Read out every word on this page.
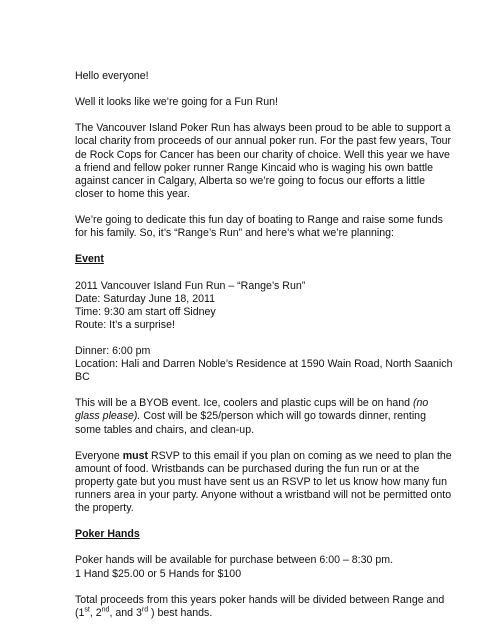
Hello everyone!

Well it looks like we’re going for a Fun Run!

The Vancouver Island Poker Run has always been proud to be able to support a
local charity from proceeds of our annual poker run. For the past few years, Tour
de Rock Cops for Cancer has been our charity of choice. Well this year we have
a friend and fellow poker runner Range Kincaid who is waging his own battle
against cancer in Calgary, Alberta so we’re going to focus our efforts a little
closer to home this year.

We’re going to dedicate this fun day of boating to Range and raise some funds
for his family. So, it’s “Range’s Run” and here’s what we’re planning:

Event

2011 Vancouver Island Fun Run – “Range’s Run”
Date: Saturday June 18, 2011
Time: 9:30 am start off Sidney
Route: It’s a surprise!

Dinner: 6:00 pm
Location: Hali and Darren Noble’s Residence at 1590 Wain Road, North Saanich
BC

This will be a BYOB event. Ice, coolers and plastic cups will be on hand (no
glass please). Cost will be $25/person which will go towards dinner, renting
some tables and chairs, and clean-up.

Everyone must RSVP to this email if you plan on coming as we need to plan the
amount of food. Wristbands can be purchased during the fun run or at the
property gate but you must have sent us an RSVP to let us know how many fun
runners area in your party. Anyone without a wristband will not be permitted onto
the property.

Poker Hands

Poker hands will be available for purchase between 6:00 – 8:30 pm.
1 Hand $25.00 or 5 Hands for $100

Total proceeds from this years poker hands will be divided between Range and
(1st, 2nd, and 3rd ) best hands.
